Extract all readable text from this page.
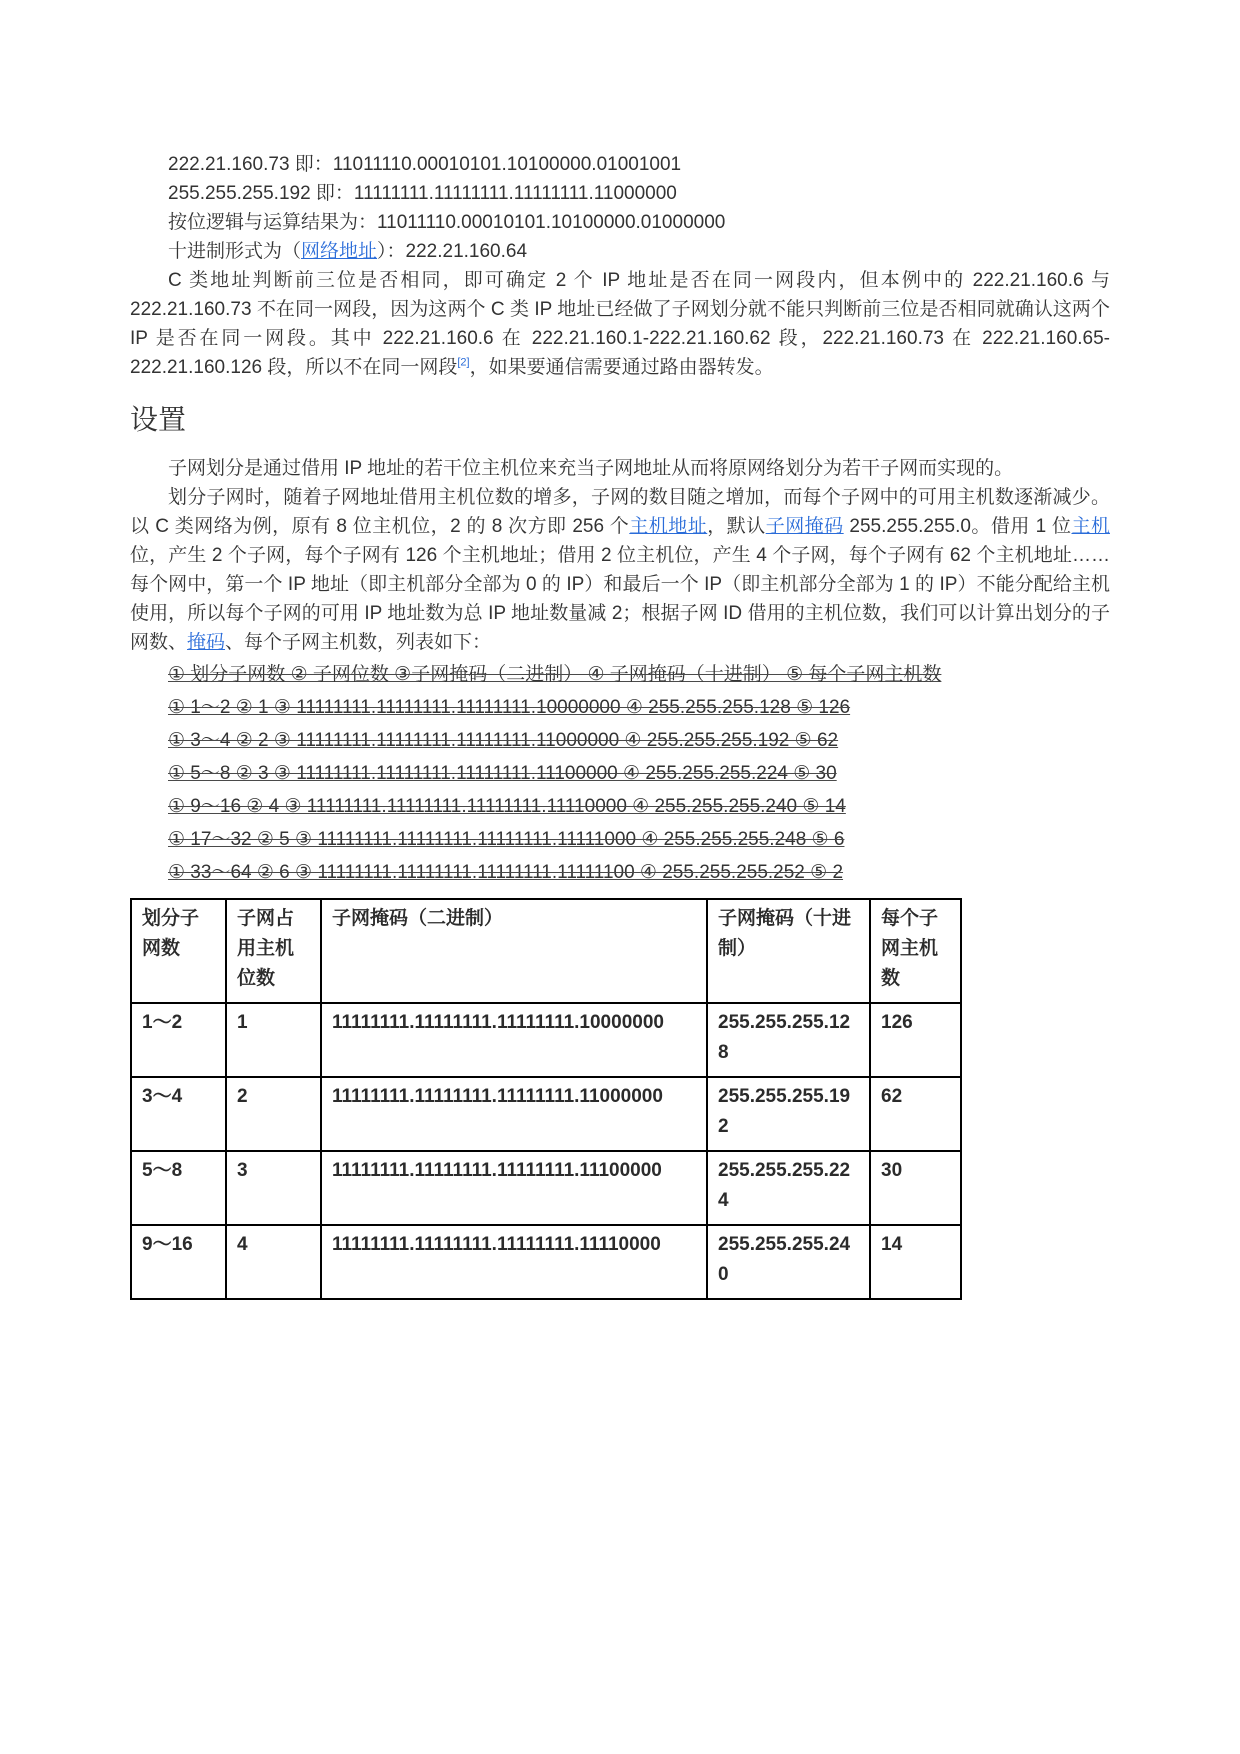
222.21.160.73 即：11011110.00010101.10100000.01001001

255.255.255.192 即：11111111.11111111.11111111.11000000

按位逻辑与运算结果为：11011110.00010101.10100000.01000000

十进制形式为（网络地址）：222.21.160.64

C 类地址判断前三位是否相同，即可确定 2 个 IP 地址是否在同一网段内，但本例中的 222.21.160.6 与 222.21.160.73 不在同一网段，因为这两个 C 类 IP 地址已经做了子网划分就不能只判断前三位是否相同就确认这两个 IP 是否在同一网段。其中 222.21.160.6 在 222.21.160.1-222.21.160.62 段，222.21.160.73 在 222.21.160.65-222.21.160.126 段，所以不在同一网段[2]，如果要通信需要通过路由器转发。

设置

子网划分是通过借用 IP 地址的若干位主机位来充当子网地址从而将原网络划分为若干子网而实现的。

划分子网时，随着子网地址借用主机位数的增多，子网的数目随之增加，而每个子网中的可用主机数逐渐减少。以 C 类网络为例，原有 8 位主机位，2 的 8 次方即 256 个主机地址，默认子网掩码 255.255.255.0。借用 1 位主机位，产生 2 个子网，每个子网有 126 个主机地址；借用 2 位主机位，产生 4 个子网，每个子网有 62 个主机地址……每个网中，第一个 IP 地址（即主机部分全部为 0 的 IP）和最后一个 IP（即主机部分全部为 1 的 IP）不能分配给主机使用，所以每个子网的可用 IP 地址数为总 IP 地址数量减 2；根据子网 ID 借用的主机位数，我们可以计算出划分的子网数、掩码、每个子网主机数，列表如下：

① 划分子网数 ② 子网位数 ③子网掩码（二进制） ④ 子网掩码（十进制） ⑤ 每个子网主机数

① 1～2 ② 1 ③ 11111111.11111111.11111111.10000000 ④ 255.255.255.128 ⑤ 126

① 3～4 ② 2 ③ 11111111.11111111.11111111.11000000 ④ 255.255.255.192 ⑤ 62

① 5～8 ② 3 ③ 11111111.11111111.11111111.11100000 ④ 255.255.255.224 ⑤ 30

① 9～16 ② 4 ③ 11111111.11111111.11111111.11110000 ④ 255.255.255.240 ⑤ 14

① 17～32 ② 5 ③ 11111111.11111111.11111111.11111000 ④ 255.255.255.248 ⑤ 6

① 33～64 ② 6 ③ 11111111.11111111.11111111.11111100 ④ 255.255.255.252 ⑤ 2

划分子网数	子网占用主机位数	子网掩码（二进制）	子网掩码（十进制）	每个子网主机数
1～2	1	11111111.11111111.11111111.10000000	255.255.255.128	126
3～4	2	11111111.11111111.11111111.11000000	255.255.255.192	62
5～8	3	11111111.11111111.11111111.11100000	255.255.255.224	30
9～16	4	11111111.11111111.11111111.11110000	255.255.255.240	14
